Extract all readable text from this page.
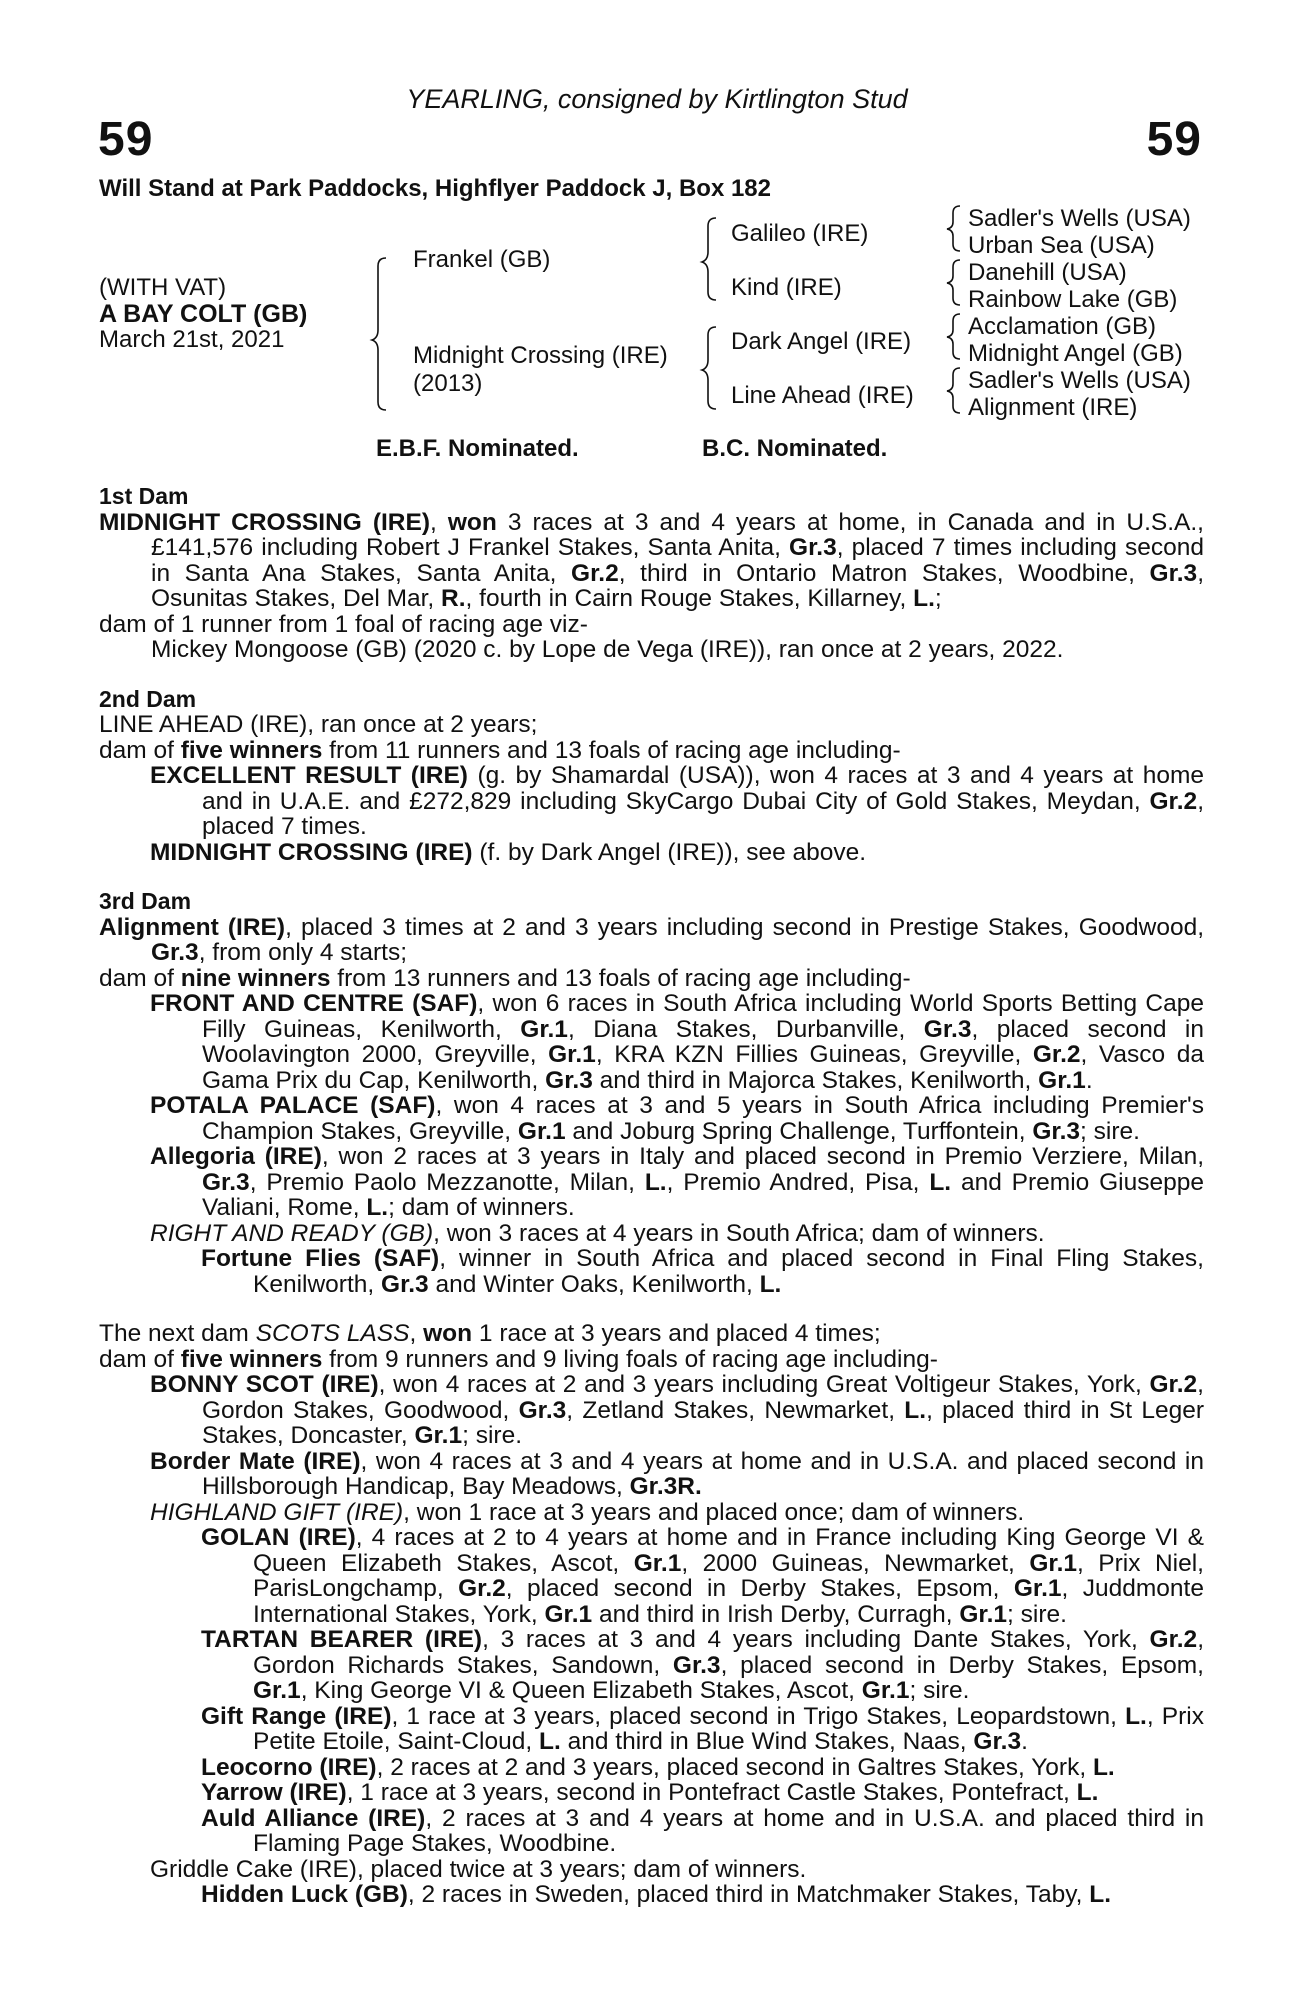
YEARLING, consigned by Kirtlington Stud
59	59
Will Stand at Park Paddocks, Highflyer Paddock J, Box 182
(WITH VAT)
A BAY COLT (GB)
March 21st, 2021
Frankel (GB)
Midnight Crossing (IRE)
(2013)
Galileo (IRE)
Kind (IRE)
Dark Angel (IRE)
Line Ahead (IRE)
Sadler's Wells (USA)
Urban Sea (USA)
Danehill (USA)
Rainbow Lake (GB)
Acclamation (GB)
Midnight Angel (GB)
Sadler's Wells (USA)
Alignment (IRE)
E.B.F. Nominated.	B.C. Nominated.
1st Dam
MIDNIGHT CROSSING (IRE), won 3 races at 3 and 4 years at home, in Canada and in U.S.A., £141,576 including Robert J Frankel Stakes, Santa Anita, Gr.3, placed 7 times including second in Santa Ana Stakes, Santa Anita, Gr.2, third in Ontario Matron Stakes, Woodbine, Gr.3, Osunitas Stakes, Del Mar, R., fourth in Cairn Rouge Stakes, Killarney, L.;
dam of 1 runner from 1 foal of racing age viz-
Mickey Mongoose (GB) (2020 c. by Lope de Vega (IRE)), ran once at 2 years, 2022.
2nd Dam
LINE AHEAD (IRE), ran once at 2 years;
dam of five winners from 11 runners and 13 foals of racing age including-
EXCELLENT RESULT (IRE) (g. by Shamardal (USA)), won 4 races at 3 and 4 years at home and in U.A.E. and £272,829 including SkyCargo Dubai City of Gold Stakes, Meydan, Gr.2, placed 7 times.
MIDNIGHT CROSSING (IRE) (f. by Dark Angel (IRE)), see above.
3rd Dam
Alignment (IRE), placed 3 times at 2 and 3 years including second in Prestige Stakes, Goodwood, Gr.3, from only 4 starts;
dam of nine winners from 13 runners and 13 foals of racing age including-
FRONT AND CENTRE (SAF), won 6 races in South Africa including World Sports Betting Cape Filly Guineas, Kenilworth, Gr.1, Diana Stakes, Durbanville, Gr.3, placed second in Woolavington 2000, Greyville, Gr.1, KRA KZN Fillies Guineas, Greyville, Gr.2, Vasco da Gama Prix du Cap, Kenilworth, Gr.3 and third in Majorca Stakes, Kenilworth, Gr.1.
POTALA PALACE (SAF), won 4 races at 3 and 5 years in South Africa including Premier's Champion Stakes, Greyville, Gr.1 and Joburg Spring Challenge, Turffontein, Gr.3; sire.
Allegoria (IRE), won 2 races at 3 years in Italy and placed second in Premio Verziere, Milan, Gr.3, Premio Paolo Mezzanotte, Milan, L., Premio Andred, Pisa, L. and Premio Giuseppe Valiani, Rome, L.; dam of winners.
RIGHT AND READY (GB), won 3 races at 4 years in South Africa; dam of winners.
Fortune Flies (SAF), winner in South Africa and placed second in Final Fling Stakes, Kenilworth, Gr.3 and Winter Oaks, Kenilworth, L.
The next dam SCOTS LASS, won 1 race at 3 years and placed 4 times;
dam of five winners from 9 runners and 9 living foals of racing age including-
BONNY SCOT (IRE), won 4 races at 2 and 3 years including Great Voltigeur Stakes, York, Gr.2, Gordon Stakes, Goodwood, Gr.3, Zetland Stakes, Newmarket, L., placed third in St Leger Stakes, Doncaster, Gr.1; sire.
Border Mate (IRE), won 4 races at 3 and 4 years at home and in U.S.A. and placed second in Hillsborough Handicap, Bay Meadows, Gr.3R.
HIGHLAND GIFT (IRE), won 1 race at 3 years and placed once; dam of winners.
GOLAN (IRE), 4 races at 2 to 4 years at home and in France including King George VI & Queen Elizabeth Stakes, Ascot, Gr.1, 2000 Guineas, Newmarket, Gr.1, Prix Niel, ParisLongchamp, Gr.2, placed second in Derby Stakes, Epsom, Gr.1, Juddmonte International Stakes, York, Gr.1 and third in Irish Derby, Curragh, Gr.1; sire.
TARTAN BEARER (IRE), 3 races at 3 and 4 years including Dante Stakes, York, Gr.2, Gordon Richards Stakes, Sandown, Gr.3, placed second in Derby Stakes, Epsom, Gr.1, King George VI & Queen Elizabeth Stakes, Ascot, Gr.1; sire.
Gift Range (IRE), 1 race at 3 years, placed second in Trigo Stakes, Leopardstown, L., Prix Petite Etoile, Saint-Cloud, L. and third in Blue Wind Stakes, Naas, Gr.3.
Leocorno (IRE), 2 races at 2 and 3 years, placed second in Galtres Stakes, York, L.
Yarrow (IRE), 1 race at 3 years, second in Pontefract Castle Stakes, Pontefract, L.
Auld Alliance (IRE), 2 races at 3 and 4 years at home and in U.S.A. and placed third in Flaming Page Stakes, Woodbine.
Griddle Cake (IRE), placed twice at 3 years; dam of winners.
Hidden Luck (GB), 2 races in Sweden, placed third in Matchmaker Stakes, Taby, L.
